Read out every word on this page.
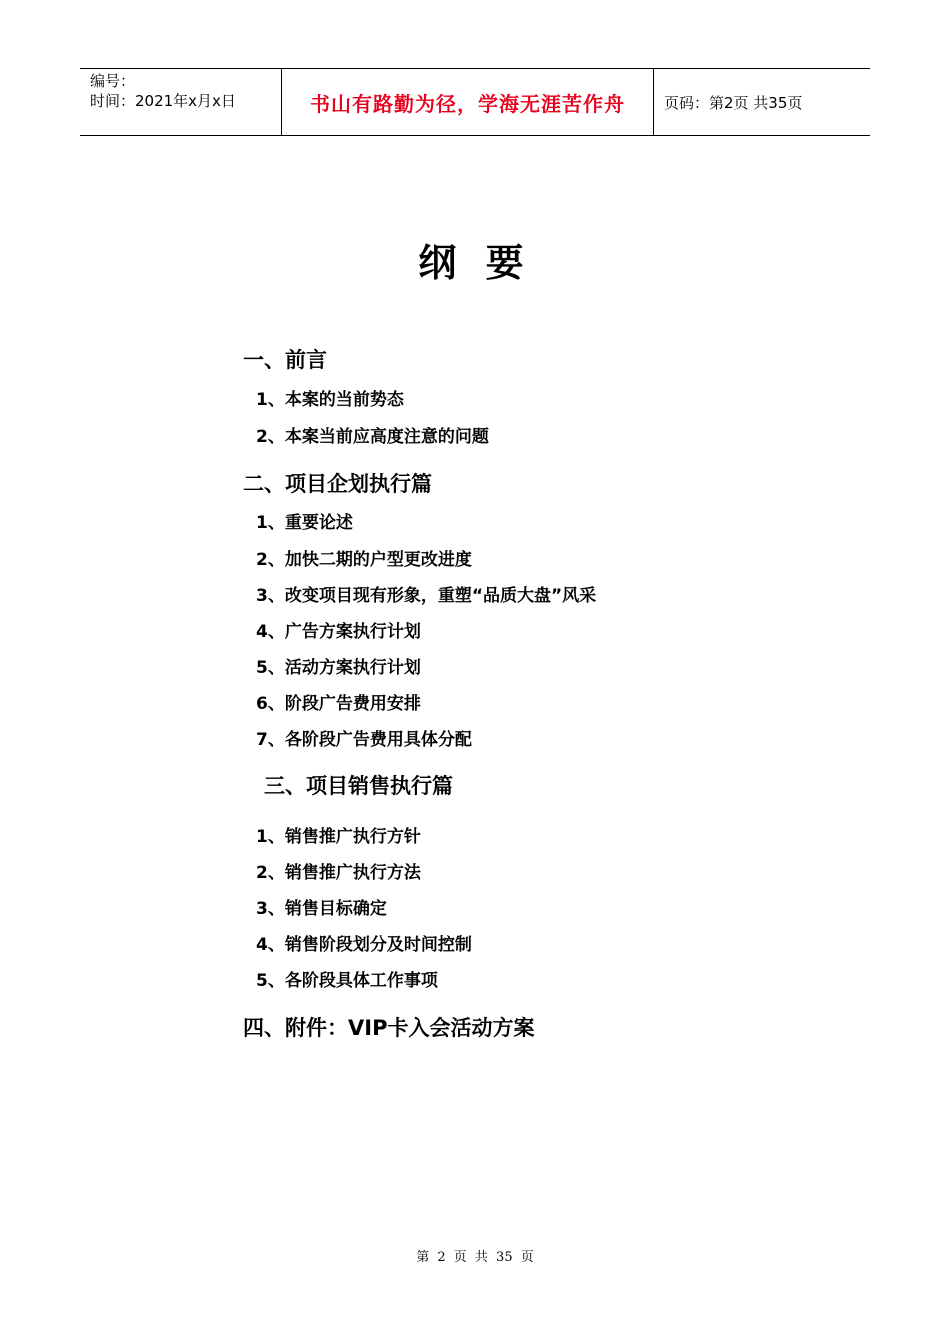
编号：
时间：2021年x月x日	书山有路勤为径，学海无涯苦作舟	页码：第2页 共35页
纲 要

一、前言

1、本案的当前势态

2、本案当前应高度注意的问题

二、项目企划执行篇

1、重要论述

2、加快二期的户型更改进度

3、改变项目现有形象，重塑“品质大盘”风采

4、广告方案执行计划

5、活动方案执行计划

6、阶段广告费用安排

7、各阶段广告费用具体分配

三、项目销售执行篇

1、销售推广执行方针

2、销售推广执行方法

3、销售目标确定

4、销售阶段划分及时间控制

5、各阶段具体工作事项

四、附件：VIP卡入会活动方案

第 2 页 共 35 页
